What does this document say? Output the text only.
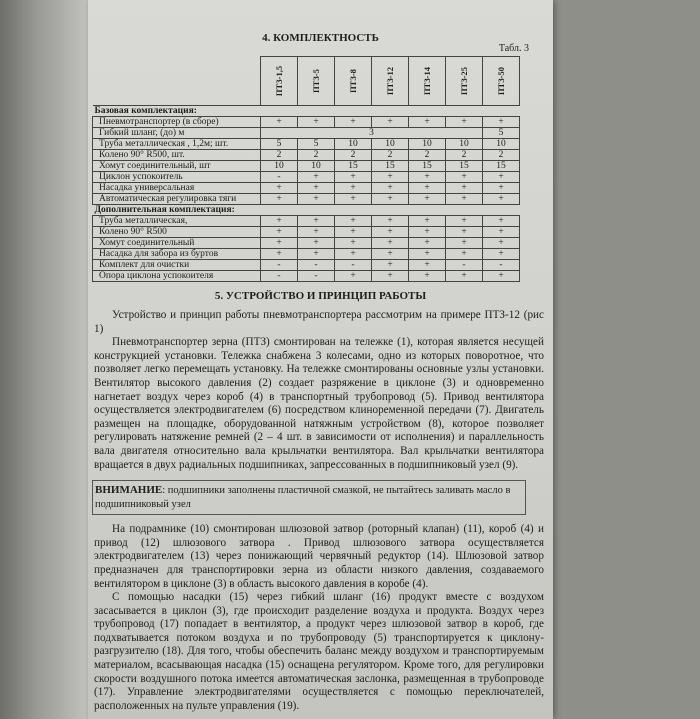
4. КОМПЛЕКТНОСТЬ
Табл. 3
	ПТЗ-1,5	ПТЗ-5	ПТЗ-8	ПТЗ-12	ПТЗ-14	ПТЗ-25	ПТЗ-50
Базовая комплектация:							
Пневмотранспортер (в сборе)	+	+	+	+	+	+	+
Гибкий шланг, (до) м	3						5
Труба металлическая , 1,2м; шт.	5	5	10	10	10	10	10
Колено 90° R500, шт.	2	2	2	2	2	2	2
Хомут соединительный, шт	10	10	15	15	15	15	15
Циклон успокоитель	-	+	+	+	+	+	+
Насадка универсальная	+	+	+	+	+	+	+
Автоматическая регулировка тяги	+	+	+	+	+	+	+
Дополнительная комплектация:							
Труба металлическая,	+	+	+	+	+	+	+
Колено 90° R500	+	+	+	+	+	+	+
Хомут соединительный	+	+	+	+	+	+	+
Насадка для забора из буртов	+	+	+	+	+	+	+
Комплект для очистки	-	-	-	+	+	-	-
Опора циклона успокоителя	-	-	+	+	+	+	+
5. УСТРОЙСТВО И ПРИНЦИП РАБОТЫ

Устройство и принцип работы пневмотранспортера рассмотрим на примере ПТЗ-12 (рис 1)

Пневмотранспортер зерна (ПТЗ) смонтирован на тележке (1), которая является несущей конструкцией установки. Тележка снабжена 3 колесами, одно из которых поворотное, что позволяет легко перемещать установку. На тележке смонтированы основные узлы установки. Вентилятор высокого давления (2) создает разряжение в циклоне (3) и одновременно нагнетает воздух через короб (4) в транспортный трубопровод (5). Привод вентилятора осуществляется электродвигателем (6) посредством клиноременной передачи (7). Двигатель размещен на площадке, оборудованной натяжным устройством (8), которое позволяет регулировать натяжение ремней (2 – 4 шт. в зависимости от исполнения) и параллельность вала двигателя относительно вала крыльчатки вентилятора. Вал крыльчатки вентилятора вращается в двух радиальных подшипниках, запрессованных в подшипниковый узел (9).

ВНИМАНИЕ: подшипники заполнены пластичной смазкой, не пытайтесь заливать масло в подшипниковый узел

На подрамнике (10) смонтирован шлюзовой затвор (роторный клапан) (11), короб (4) и привод (12) шлюзового затвора . Привод шлюзового затвора осуществляется электродвигателем (13) через понижающий червячный редуктор (14). Шлюзовой затвор предназначен для транспортировки зерна из области низкого давления, создаваемого вентилятором в циклоне (3) в область высокого давления в коробе (4).

С помощью насадки (15) через гибкий шланг (16) продукт вместе с воздухом засасывается в циклон (3), где происходит разделение воздуха и продукта. Воздух через трубопровод (17) попадает в вентилятор, а продукт через шлюзовой затвор в короб, где подхватывается потоком воздуха и по трубопроводу (5) транспортируется к циклону-разгрузителю (18). Для того, чтобы обеспечить баланс между воздухом и транспортируемым материалом, всасывающая насадка (15) оснащена регулятором. Кроме того, для регулировки скорости воздушного потока имеется автоматическая заслонка, размещенная в трубопроводе (17). Управление электродвигателями осуществляется с помощью переключателей, расположенных на пульте управления (19).
